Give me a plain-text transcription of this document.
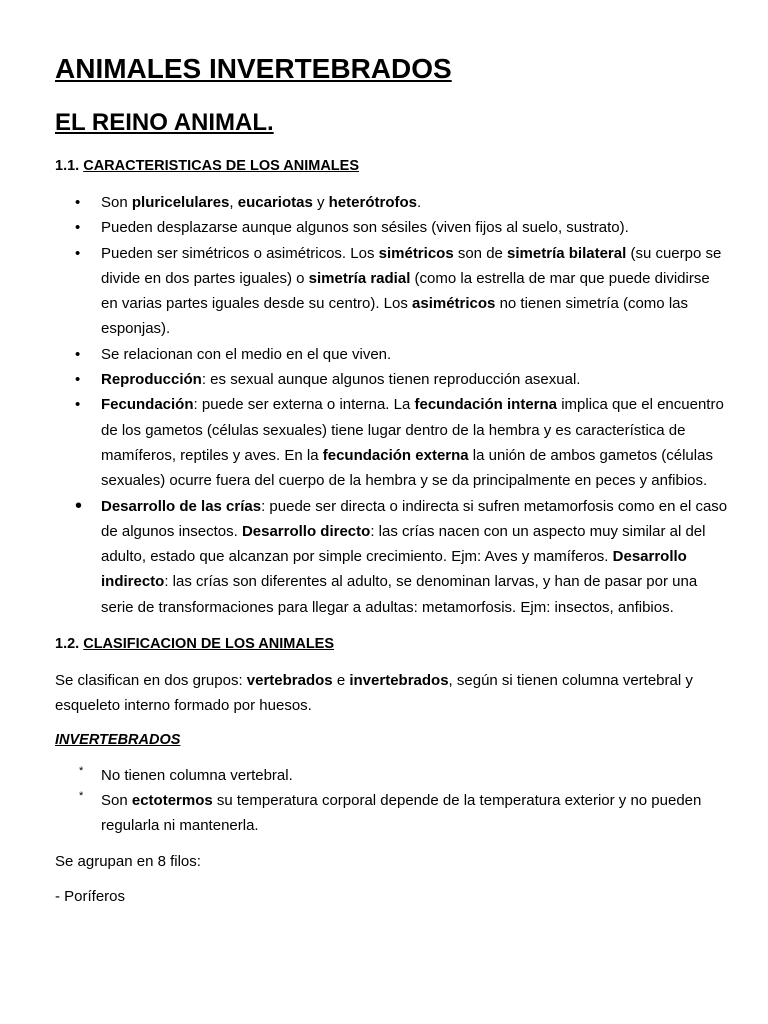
ANIMALES INVERTEBRADOS
EL REINO ANIMAL.
1.1. CARACTERISTICAS DE LOS ANIMALES
• Son pluricelulares, eucariotas y heterótrofos.
• Pueden desplazarse aunque algunos son sésiles (viven fijos al suelo, sustrato).
• Pueden ser simétricos o asimétricos. Los simétricos son de simetría bilateral (su cuerpo se divide en dos partes iguales) o simetría radial (como la estrella de mar que puede dividirse en varias partes iguales desde su centro). Los asimétricos no tienen simetría (como las esponjas).
• Se relacionan con el medio en el que viven.
• Reproducción: es sexual aunque algunos tienen reproducción asexual.
• Fecundación: puede ser externa o interna. La fecundación interna implica que el encuentro de los gametos (células sexuales) tiene lugar dentro de la hembra y es característica de mamíferos, reptiles y aves. En la fecundación externa la unión de ambos gametos (células sexuales) ocurre fuera del cuerpo de la hembra y se da principalmente en peces y anfibios.
• Desarrollo de las crías: puede ser directa o indirecta si sufren metamorfosis como en el caso de algunos insectos. Desarrollo directo: las crías nacen con un aspecto muy similar al del adulto, estado que alcanzan por simple crecimiento. Ejm: Aves y mamíferos. Desarrollo indirecto: las crías son diferentes al adulto, se denominan larvas, y han de pasar por una serie de transformaciones para llegar a adultas: metamorfosis. Ejm: insectos, anfibios.
1.2. CLASIFICACION DE LOS ANIMALES

Se clasifican en dos grupos: vertebrados e invertebrados, según si tienen columna vertebral y esqueleto interno formado por huesos.

INVERTEBRADOS
* No tienen columna vertebral.
* Son ectotermos su temperatura corporal depende de la temperatura exterior y no pueden regularla ni mantenerla.

Se agrupan en 8 filos:

- Poríferos
